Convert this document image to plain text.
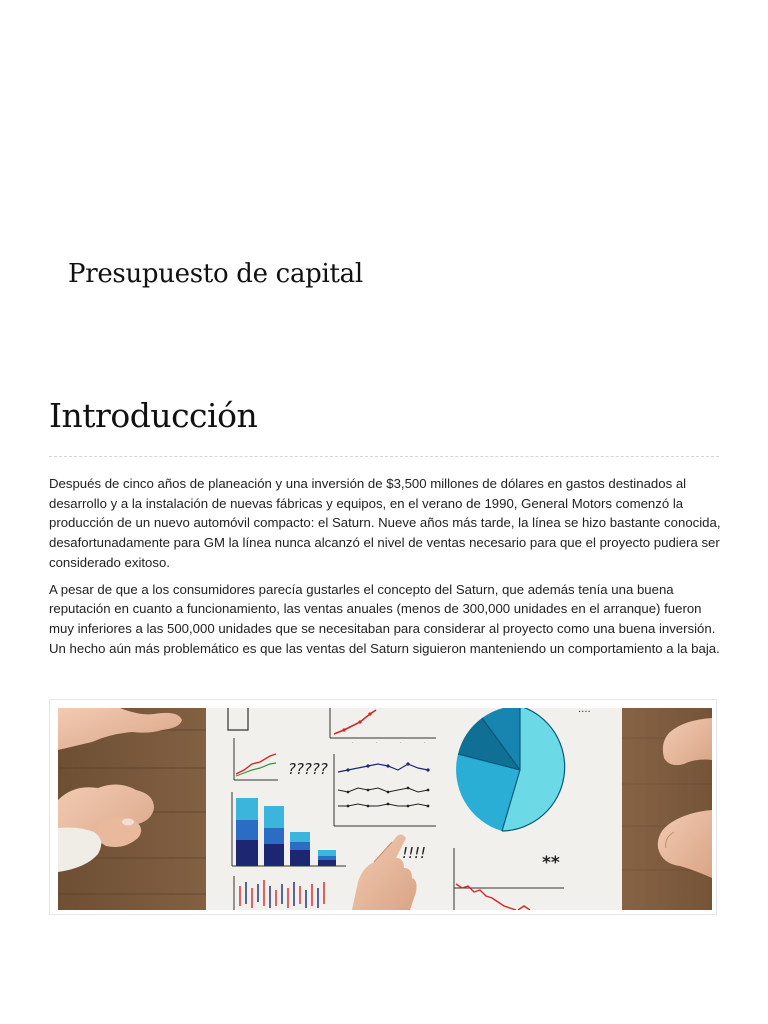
Presupuesto de capital
Introducción

Después de cinco años de planeación y una inversión de $3,500 millones de dólares en gastos destinados al desarrollo y a la instalación de nuevas fábricas y equipos, en el verano de 1990, General Motors comenzó la producción de un nuevo automóvil compacto: el Saturn. Nueve años más tarde, la línea se hizo bastante conocida, desafortunadamente para GM la línea nunca alcanzó el nivel de ventas necesario para que el proyecto pudiera ser considerado exitoso.

A pesar de que a los consumidores parecía gustarles el concepto del Saturn, que además tenía una buena reputación en cuanto a funcionamiento, las ventas anuales (menos de 300,000 unidades en el arranque) fueron muy inferiores a las 500,000 unidades que se necesitaban para considerar al proyecto como una buena inversión. Un hecho aún más problemático es que las ventas del Saturn siguieron manteniendo un comportamiento a la baja.

·	·	·	·
?????
!!!!
....
**
